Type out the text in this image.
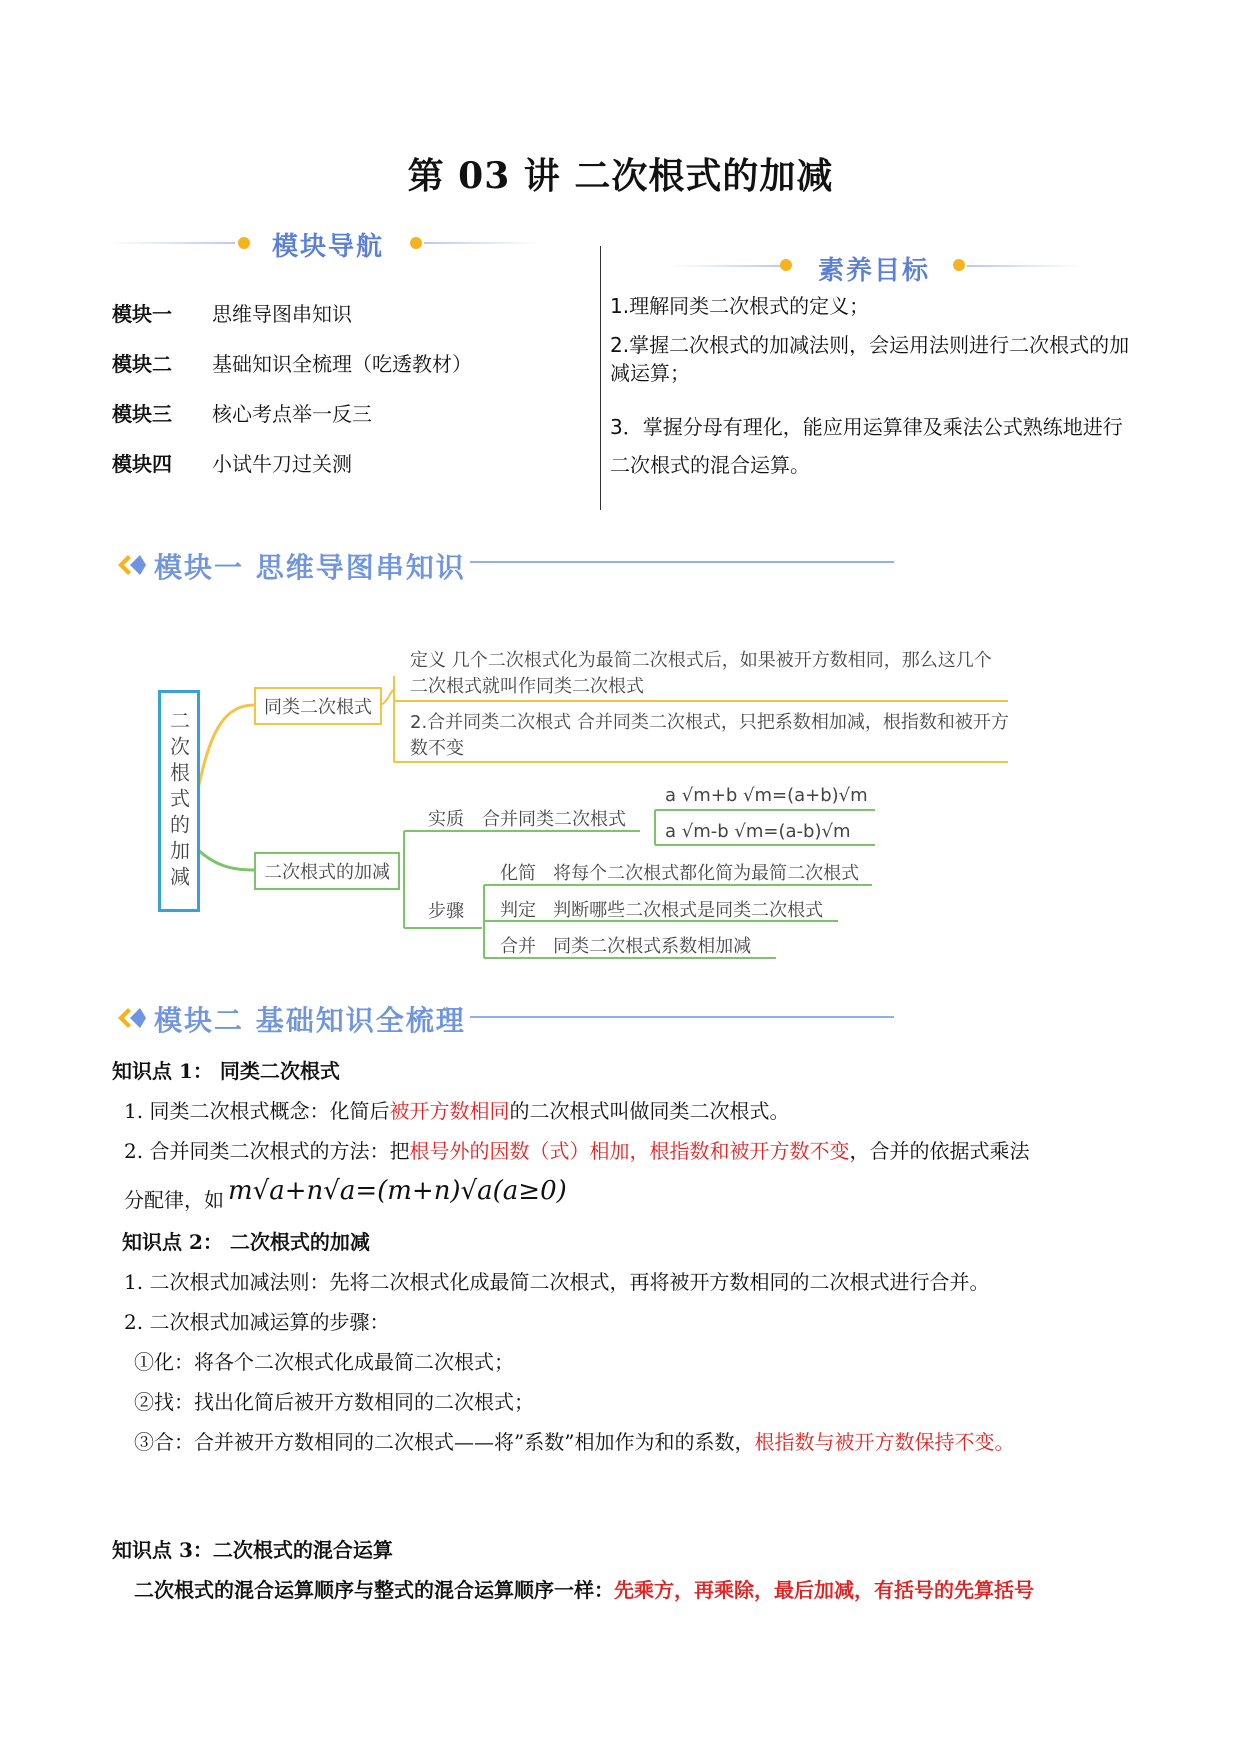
第 03 讲 二次根式的加减
模块导航
模块一 思维导图串知识
模块二 基础知识全梳理（吃透教材）
模块三 核心考点举一反三
模块四 小试牛刀过关测
素养目标
1.理解同类二次根式的定义；
2.掌握二次根式的加减法则，会运用法则进行二次根式的加减运算；
3．掌握分母有理化，能应用运算律及乘法公式熟练地进行二次根式的混合运算。
模块一 思维导图串知识
二次根式的加减
同类二次根式
定义 几个二次根式化为最简二次根式后，如果被开方数相同，那么这几个二次根式就叫作同类二次根式
2.合并同类二次根式 合并同类二次根式，只把系数相加减，根指数和被开方数不变
二次根式的加减
实质 合并同类二次根式
a √m+b √m=(a+b)√m
a √m-b √m=(a-b)√m
步骤
化简 将每个二次根式都化简为最简二次根式
判定 判断哪些二次根式是同类二次根式
合并 同类二次根式系数相加减
模块二 基础知识全梳理
知识点 1： 同类二次根式
1. 同类二次根式概念：化简后被开方数相同的二次根式叫做同类二次根式。
2. 合并同类二次根式的方法：把根号外的因数（式）相加，根指数和被开方数不变，合并的依据式乘法
分配律，如 m√a+n√a=(m+n)√a(a≥0)
知识点 2： 二次根式的加减
1. 二次根式加减法则：先将二次根式化成最简二次根式，再将被开方数相同的二次根式进行合并。
2. 二次根式加减运算的步骤：
①化：将各个二次根式化成最简二次根式；
②找：找出化简后被开方数相同的二次根式；
③合：合并被开方数相同的二次根式——将”系数”相加作为和的系数，根指数与被开方数保持不变。
知识点 3：二次根式的混合运算
二次根式的混合运算顺序与整式的混合运算顺序一样：先乘方，再乘除，最后加减，有括号的先算括号
